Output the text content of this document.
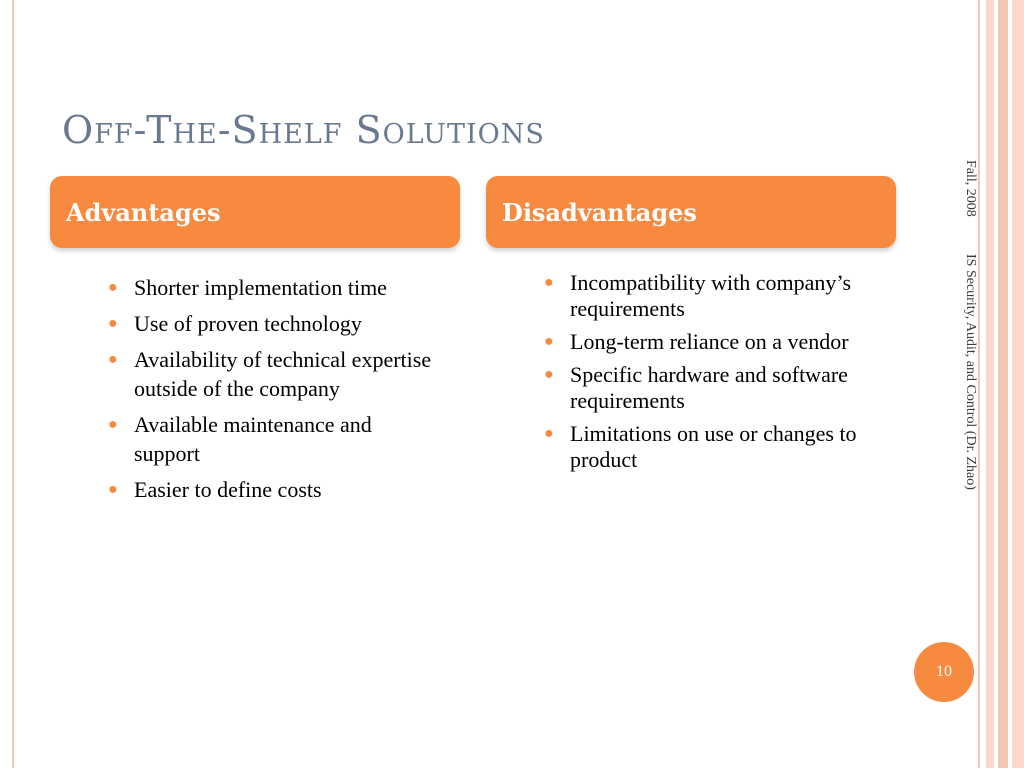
Off-The-Shelf Solutions
Advantages	Disadvantages
● Shorter implementation time
● Use of proven technology
● Availability of technical expertise outside of the company
● Available maintenance and support
● Easier to define costs
● Incompatibility with company’s requirements
● Long-term reliance on a vendor
● Specific hardware and software requirements
● Limitations on use or changes to product
Fall, 2008 IS Security, Audit, and Control (Dr. Zhao)
10
